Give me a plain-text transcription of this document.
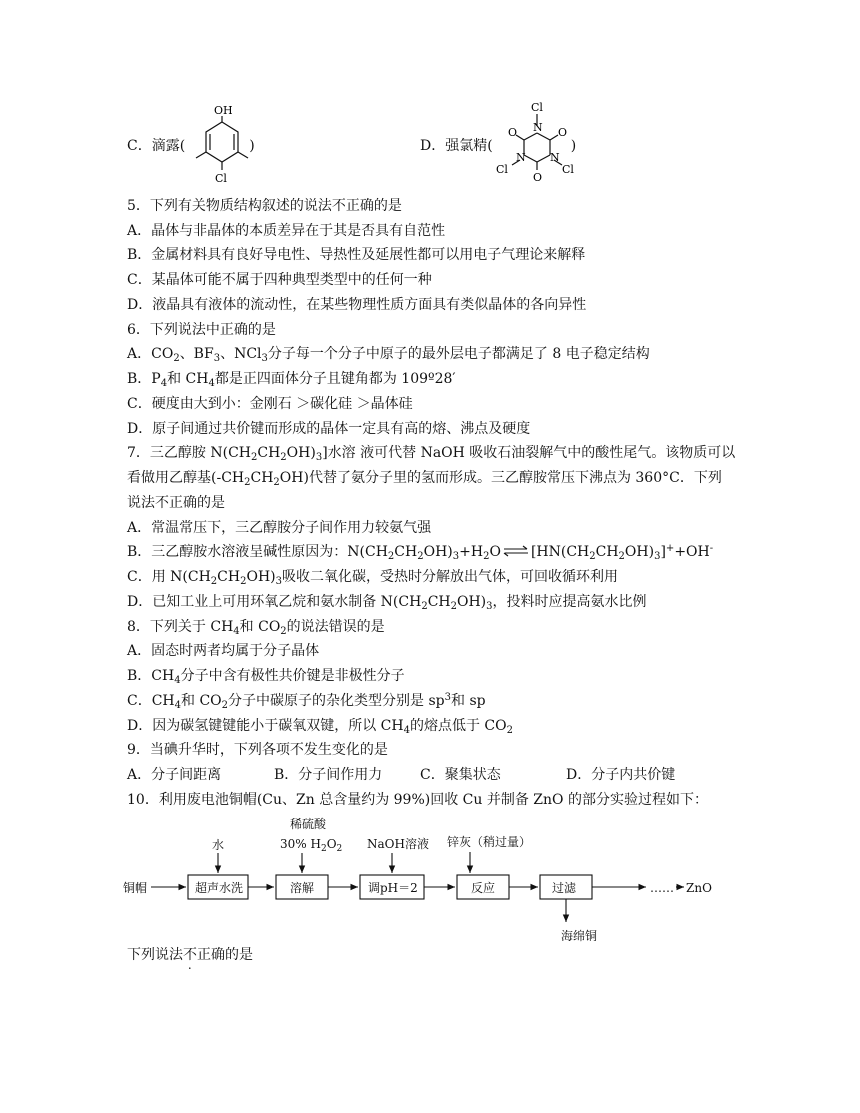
C．滴露(	)
OH
Cl
D．强氯精(	)
Cl
N
O	O
N N
O
Cl	Cl
5．下列有关物质结构叙述的说法不正确的是
A．晶体与非晶体的本质差异在于其是否具有自范性
B．金属材料具有良好导电性、导热性及延展性都可以用电子气理论来解释
C．某晶体可能不属于四种典型类型中的任何一种
D．液晶具有液体的流动性，在某些物理性质方面具有类似晶体的各向异性
6．下列说法中正确的是
A．$CO_2$、$BF_3$、NCl$_3$分子每一个分子中原子的最外层电子都满足了 8 电子稳定结构
B．$P_4$和 $CH_4$都是正四面体分子且键角都为 109º28′
C．硬度由大到小：金刚石 ＞碳化硅 ＞晶体硅
D．原子间通过共价键而形成的晶体一定具有高的熔、沸点及硬度
7．三乙醇胺 $N(CH_2CH_2OH)_3$]水溶 液可代替 NaOH 吸收石油裂解气中的酸性尾气。该物质可以
看做用乙醇基$(-CH_2CH_2OH)$代替了氨分子里的氢而形成。三乙醇胺常压下沸点为 360°C．下列
说法不正确的是
A．常温常压下，三乙醇胺分子间作用力较氨气强
B．三乙醇胺水溶液呈碱性原因为：$N(CH_2CH_2OH)_3+H_2O$ ⇌ $[HN(CH_2CH_2OH)_3]^++OH^-$
C．用 $N(CH_2CH_2OH)_3$吸收二氧化碳，受热时分解放出气体，可回收循环利用
D．已知工业上可用环氧乙烷和氨水制备 $N(CH_2CH_2OH)_3$，投料时应提高氨水比例
8．下列关于 $CH_4$和 $CO_2$的说法错误的是
A．固态时两者均属于分子晶体
B．$CH_4$分子中含有极性共价键是非极性分子
C．$CH_4$和 $CO_2$分子中碳原子的杂化类型分别是 $sp^3$和 sp
D．因为碳氢键键能小于碳氧双键，所以 $CH_4$的熔点低于 $CO_2$
9．当碘升华时，下列各项不发生变化的是
A．分子间距离	B．分子间作用力	C．聚集状态	D．分子内共价键
10．利用废电池铜帽(Cu、Zn 总含量约为 99%)回收 Cu 并制备 ZnO 的部分实验过程如下：
铜帽
水
稀硫酸
30% $H_2O_2$ NaOH溶液 锌灰（稍过量）
海绵铜
…… ZnO
超声水洗	溶解	调pH＝2	反应	过滤
下列说法不正确的是
